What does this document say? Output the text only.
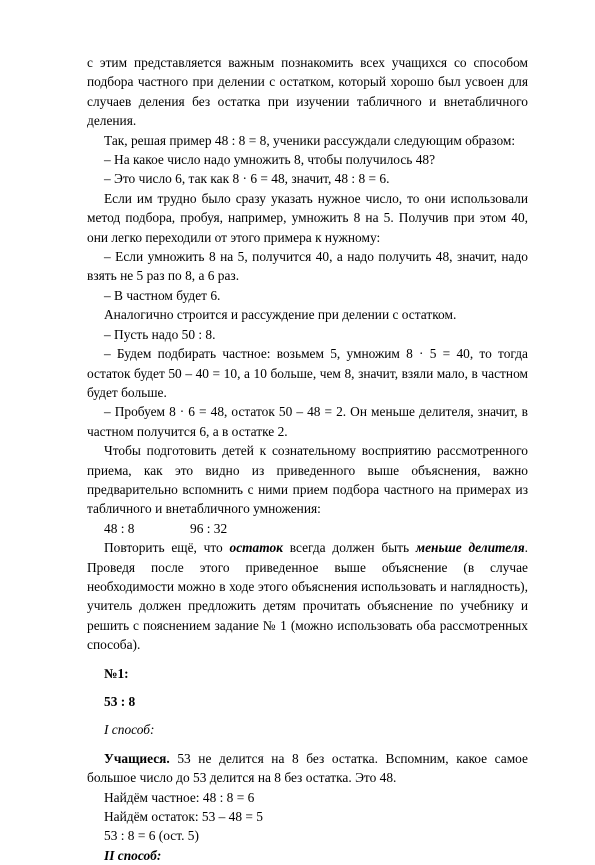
с этим представляется важным познакомить всех учащихся со способом подбора частного при делении с остатком, который хорошо был усвоен для случаев деления без остатка при изучении табличного и внетабличного деления.

Так, решая пример 48 : 8 = 8, ученики рассуждали следующим образом:

– На какое число надо умножить 8, чтобы получилось 48?

– Это число 6, так как 8 · 6 = 48, значит, 48 : 8 = 6.

Если им трудно было сразу указать нужное число, то они использовали метод подбора, пробуя, например, умножить 8 на 5. Получив при этом 40, они легко переходили от этого примера к нужному:

– Если умножить 8 на 5, получится 40, а надо получить 48, значит, надо взять не 5 раз по 8, а 6 раз.

– В частном будет 6.

Аналогично строится и рассуждение при делении с остатком.

– Пусть надо 50 : 8.

– Будем подбирать частное: возьмем 5, умножим 8 · 5 = 40, то тогда остаток будет 50 – 40 = 10, а 10 больше, чем 8, значит, взяли мало, в частном будет больше.

– Пробуем 8 · 6 = 48, остаток 50 – 48 = 2. Он меньше делителя, значит, в частном получится 6, а в остатке 2.

Чтобы подготовить детей к сознательному восприятию рассмотренного приема, как это видно из приведенного выше объяснения, важно предварительно вспомнить с ними прием подбора частного на примерах из табличного и внетабличного умножения:

48 : 8	96 : 32

Повторить ещё, что остаток всегда должен быть меньше делителя. Проведя после этого приведенное выше объяснение (в случае необходимости можно в ходе этого объяснения использовать и наглядность), учитель должен предложить детям прочитать объяснение по учебнику и решить с пояснением задание № 1 (можно использовать оба рассмотренных способа).

№1:

53 : 8

I способ:

Учащиеся. 53 не делится на 8 без остатка. Вспомним, какое самое большое число до 53 делится на 8 без остатка. Это 48.

Найдём частное: 48 : 8 = 6

Найдём остаток: 53 – 48 = 5

53 : 8 = 6 (ост. 5)

II способ:
